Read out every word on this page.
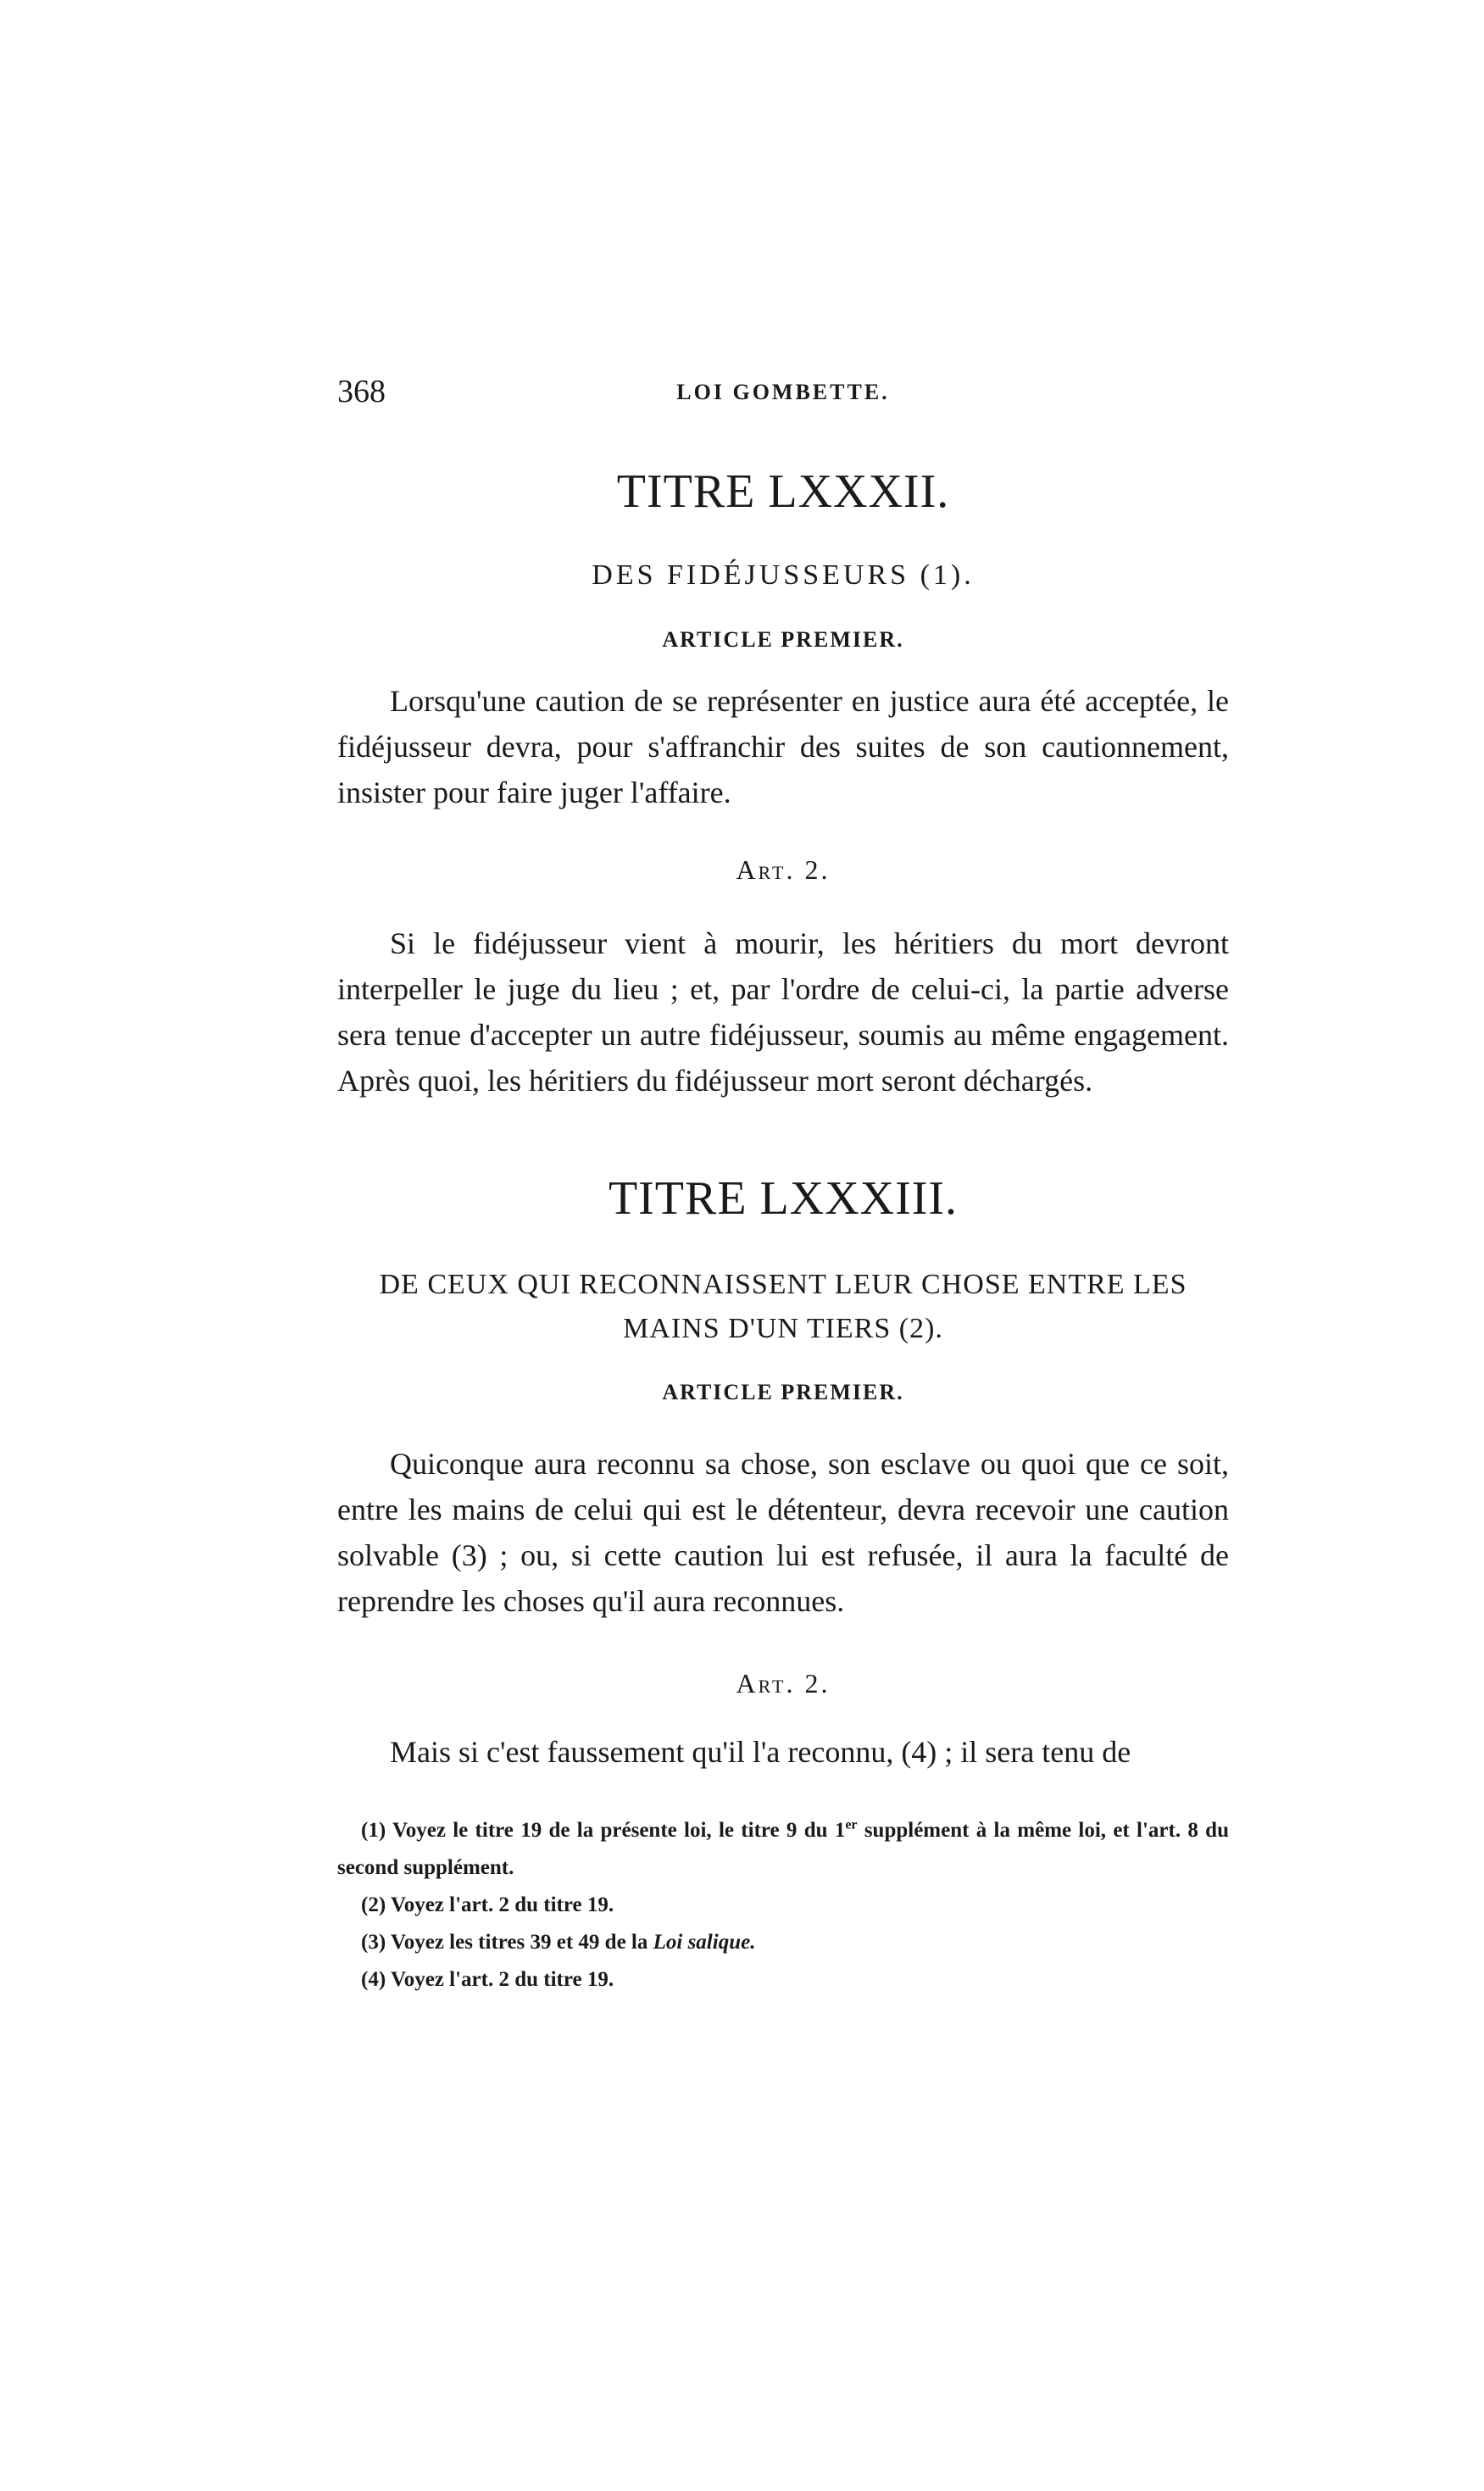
368	LOI GOMBETTE.
TITRE LXXXII.
DES FIDÉJUSSEURS (1).

ARTICLE PREMIER.

Lorsqu'une caution de se représenter en justice aura été acceptée, le fidéjusseur devra, pour s'affranchir des suites de son cautionnement, insister pour faire juger l'affaire.

Art. 2.

Si le fidéjusseur vient à mourir, les héritiers du mort devront interpeller le juge du lieu ; et, par l'ordre de celui-ci, la partie adverse sera tenue d'accepter un autre fidéjusseur, soumis au même engagement. Après quoi, les héritiers du fidéjusseur mort seront déchargés.

TITRE LXXXIII.
DE CEUX QUI RECONNAISSENT LEUR CHOSE ENTRE LES
MAINS D'UN TIERS (2).

ARTICLE PREMIER.

Quiconque aura reconnu sa chose, son esclave ou quoi que ce soit, entre les mains de celui qui est le détenteur, devra recevoir une caution solvable (3) ; ou, si cette caution lui est refusée, il aura la faculté de reprendre les choses qu'il aura reconnues.

Art. 2.

Mais si c'est faussement qu'il l'a reconnu, (4) ; il sera tenu de

(1) Voyez le titre 19 de la présente loi, le titre 9 du 1er supplément à la même loi, et l'art. 8 du second supplément.

(2) Voyez l'art. 2 du titre 19.

(3) Voyez les titres 39 et 49 de la Loi salique.

(4) Voyez l'art. 2 du titre 19.
